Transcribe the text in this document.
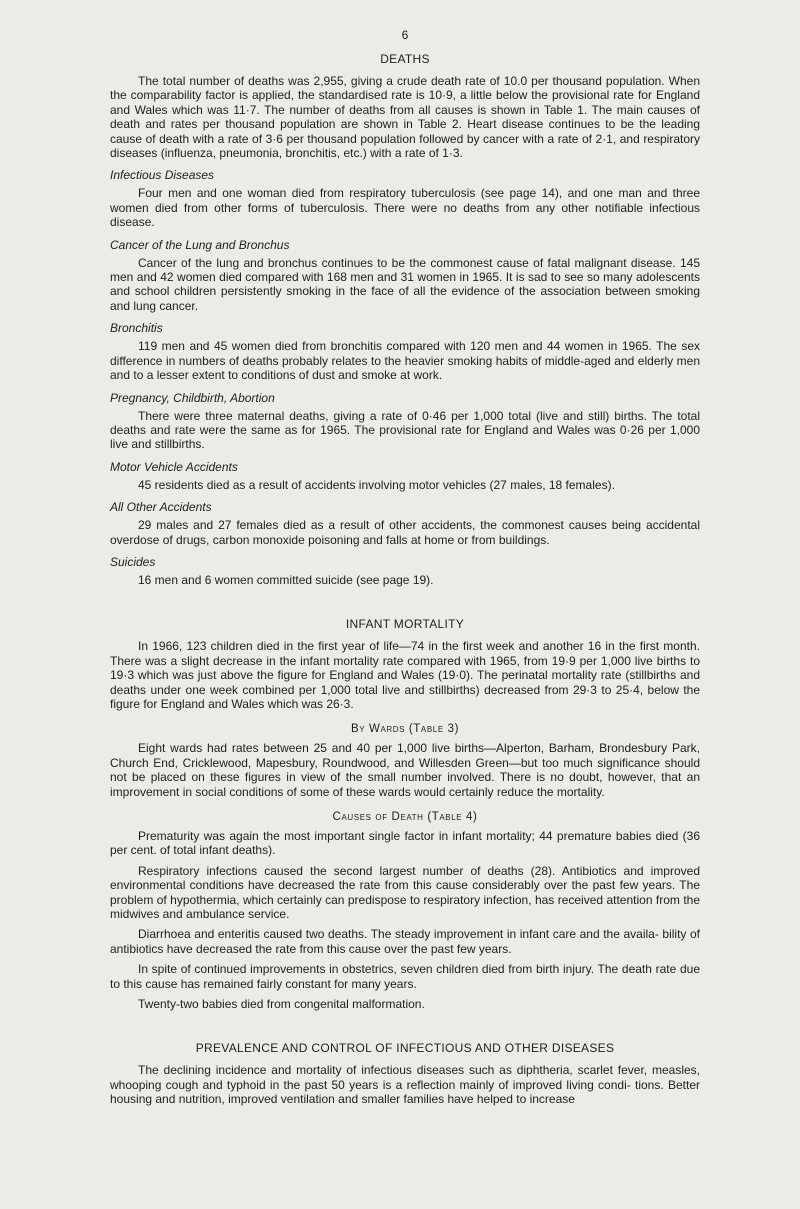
6
DEATHS

The total number of deaths was 2,955, giving a crude death rate of 10.0 per thousand population. When the comparability factor is applied, the standardised rate is 10·9, a little below the provisional rate for England and Wales which was 11·7. The number of deaths from all causes is shown in Table 1. The main causes of death and rates per thousand population are shown in Table 2. Heart disease continues to be the leading cause of death with a rate of 3·6 per thousand population followed by cancer with a rate of 2·1, and respiratory diseases (influenza, pneumonia, bronchitis, etc.) with a rate of 1·3.

Infectious Diseases

Four men and one woman died from respiratory tuberculosis (see page 14), and one man and three women died from other forms of tuberculosis. There were no deaths from any other notifiable infectious disease.

Cancer of the Lung and Bronchus

Cancer of the lung and bronchus continues to be the commonest cause of fatal malignant disease. 145 men and 42 women died compared with 168 men and 31 women in 1965. It is sad to see so many adolescents and school children persistently smoking in the face of all the evidence of the association between smoking and lung cancer.

Bronchitis

119 men and 45 women died from bronchitis compared with 120 men and 44 women in 1965. The sex difference in numbers of deaths probably relates to the heavier smoking habits of middle-aged and elderly men and to a lesser extent to conditions of dust and smoke at work.

Pregnancy, Childbirth, Abortion

There were three maternal deaths, giving a rate of 0·46 per 1,000 total (live and still) births. The total deaths and rate were the same as for 1965. The provisional rate for England and Wales was 0·26 per 1,000 live and stillbirths.

Motor Vehicle Accidents

45 residents died as a result of accidents involving motor vehicles (27 males, 18 females).

All Other Accidents

29 males and 27 females died as a result of other accidents, the commonest causes being accidental overdose of drugs, carbon monoxide poisoning and falls at home or from buildings.

Suicides

16 men and 6 women committed suicide (see page 19).

INFANT MORTALITY

In 1966, 123 children died in the first year of life—74 in the first week and another 16 in the first month. There was a slight decrease in the infant mortality rate compared with 1965, from 19·9 per 1,000 live births to 19·3 which was just above the figure for England and Wales (19·0). The perinatal mortality rate (stillbirths and deaths under one week combined per 1,000 total live and stillbirths) decreased from 29·3 to 25·4, below the figure for England and Wales which was 26·3.

By Wards (Table 3)

Eight wards had rates between 25 and 40 per 1,000 live births—Alperton, Barham, Brondesbury Park, Church End, Cricklewood, Mapesbury, Roundwood, and Willesden Green—but too much significance should not be placed on these figures in view of the small number involved. There is no doubt, however, that an improvement in social conditions of some of these wards would certainly reduce the mortality.

Causes of Death (Table 4)

Prematurity was again the most important single factor in infant mortality; 44 premature babies died (36 per cent. of total infant deaths).

Respiratory infections caused the second largest number of deaths (28). Antibiotics and improved environmental conditions have decreased the rate from this cause considerably over the past few years. The problem of hypothermia, which certainly can predispose to respiratory infection, has received attention from the midwives and ambulance service.

Diarrhoea and enteritis caused two deaths. The steady improvement in infant care and the availa- bility of antibiotics have decreased the rate from this cause over the past few years.

In spite of continued improvements in obstetrics, seven children died from birth injury. The death rate due to this cause has remained fairly constant for many years.

Twenty-two babies died from congenital malformation.

PREVALENCE AND CONTROL OF INFECTIOUS AND OTHER DISEASES

The declining incidence and mortality of infectious diseases such as diphtheria, scarlet fever, measles, whooping cough and typhoid in the past 50 years is a reflection mainly of improved living condi- tions. Better housing and nutrition, improved ventilation and smaller families have helped to increase
